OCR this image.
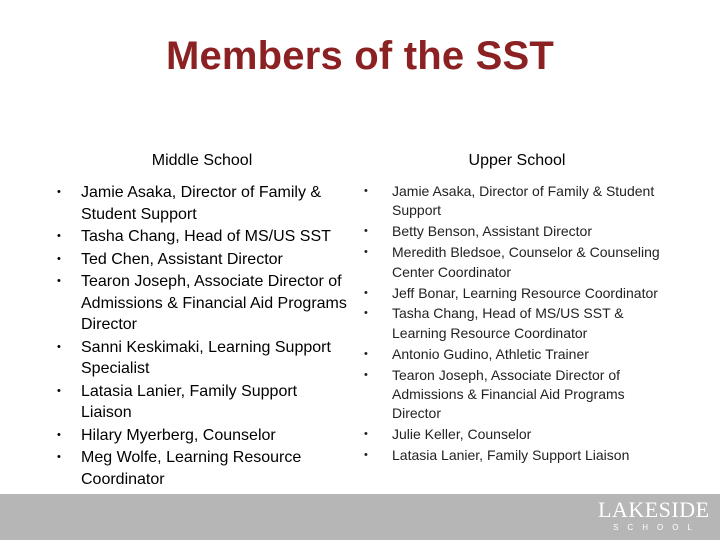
Members of the SST
Middle School
• Jamie Asaka, Director of Family & Student Support
• Tasha Chang, Head of MS/US SST
• Ted Chen, Assistant Director
• Tearon Joseph, Associate Director of Admissions & Financial Aid Programs Director
• Sanni Keskimaki, Learning Support Specialist
• Latasia Lanier, Family Support Liaison
• Hilary Myerberg, Counselor
• Meg Wolfe, Learning Resource Coordinator
Upper School
• Jamie Asaka, Director of Family & Student Support
• Betty Benson, Assistant Director
• Meredith Bledsoe, Counselor & Counseling Center Coordinator
• Jeff Bonar, Learning Resource Coordinator
• Tasha Chang, Head of MS/US SST & Learning Resource Coordinator
• Antonio Gudino, Athletic Trainer
• Tearon Joseph, Associate Director of Admissions & Financial Aid Programs Director
• Julie Keller, Counselor
• Latasia Lanier, Family Support Liaison
LAKESIDE
SCHOOL
